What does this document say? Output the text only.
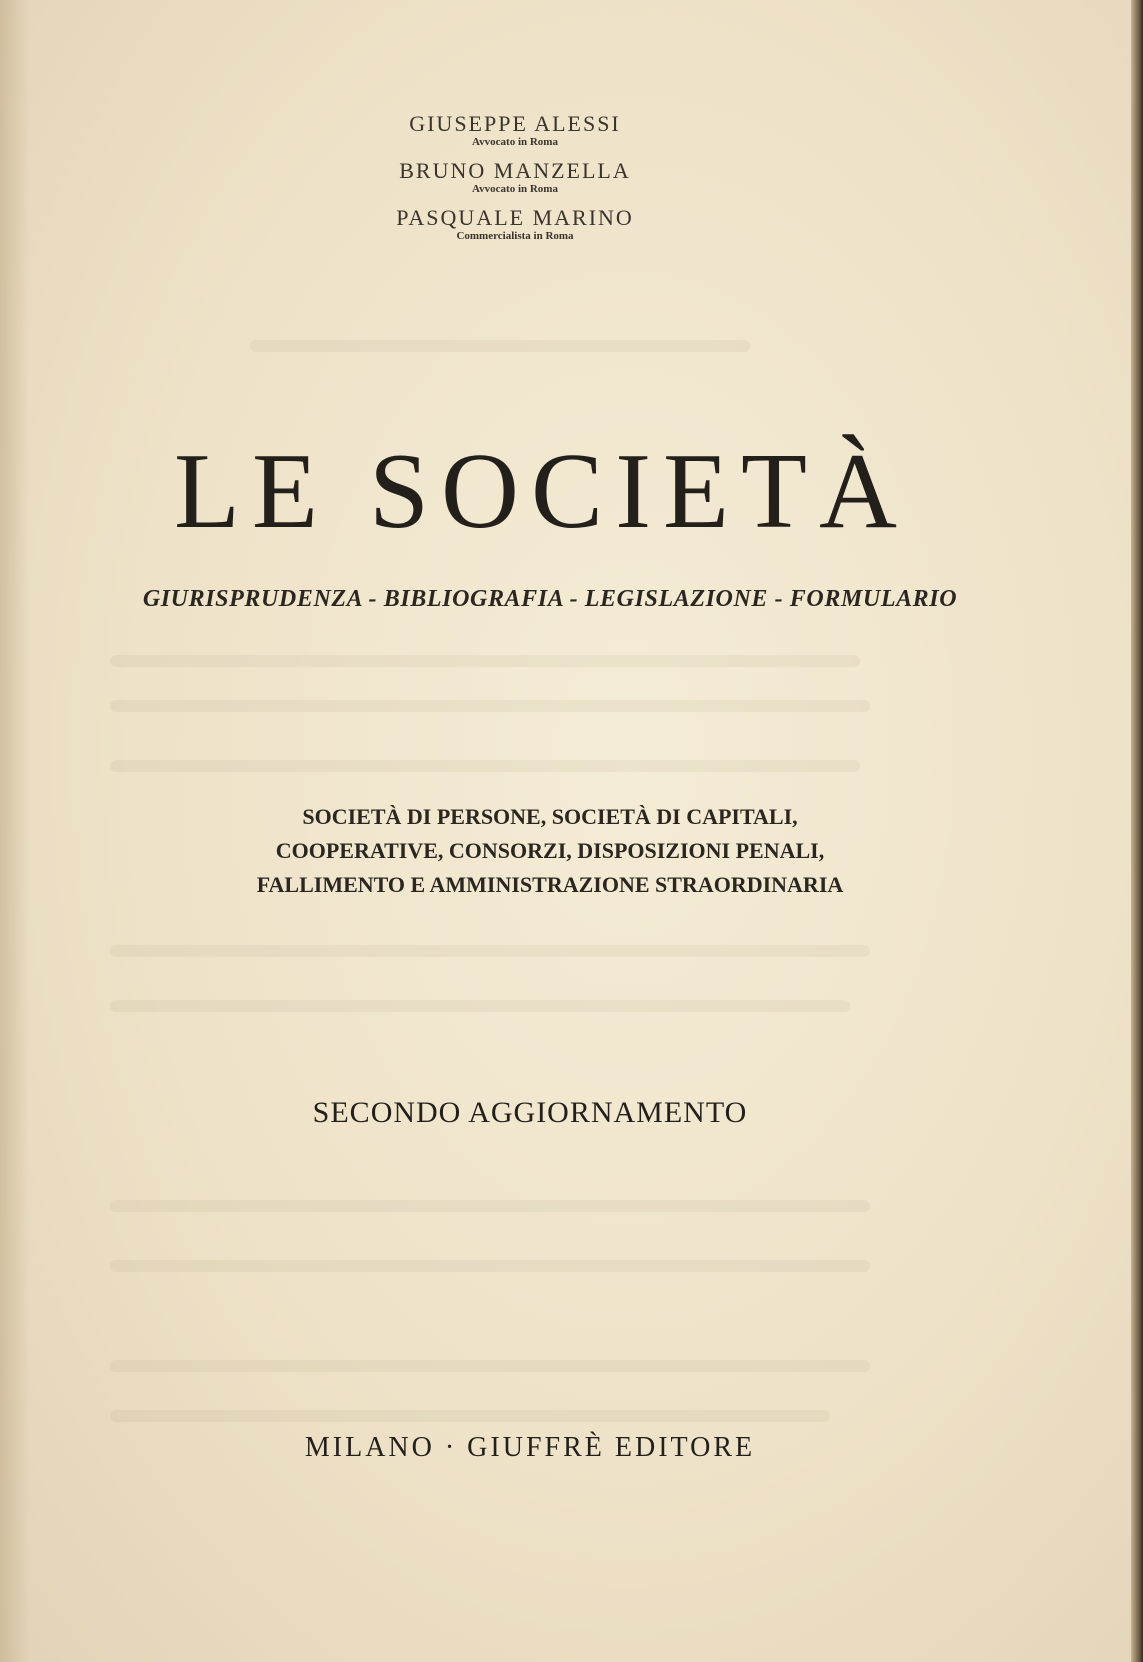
GIUSEPPE ALESSI
Avvocato in Roma
BRUNO MANZELLA
Avvocato in Roma
PASQUALE MARINO
Commercialista in Roma
LE SOCIETÀ
GIURISPRUDENZA - BIBLIOGRAFIA - LEGISLAZIONE - FORMULARIO
SOCIETÀ DI PERSONE, SOCIETÀ DI CAPITALI,
COOPERATIVE, CONSORZI, DISPOSIZIONI PENALI,
FALLIMENTO E AMMINISTRAZIONE STRAORDINARIA
SECONDO AGGIORNAMENTO
MILANO · GIUFFRÈ EDITORE
